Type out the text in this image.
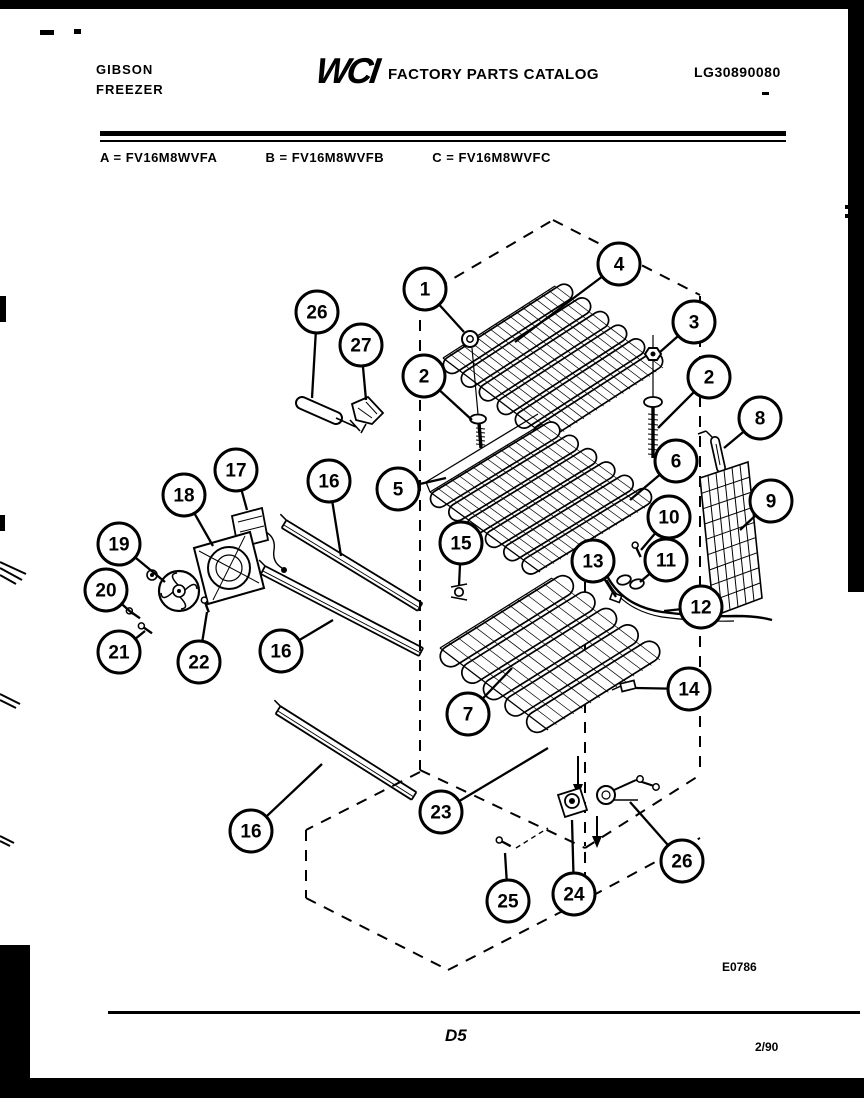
GIBSON
FREEZER	WCI FACTORY PARTS CATALOG	LG30890080
A = FV16M8WVFA	B = FV16M8WVFB	C = FV16M8WVFC
1
4
3
2	2
8
26
27
5
6
9
10
17
18
16
19	15
11
13
20
12
21	22
16
7
14
23
16
25 24
26
E0786
D5
2/90
